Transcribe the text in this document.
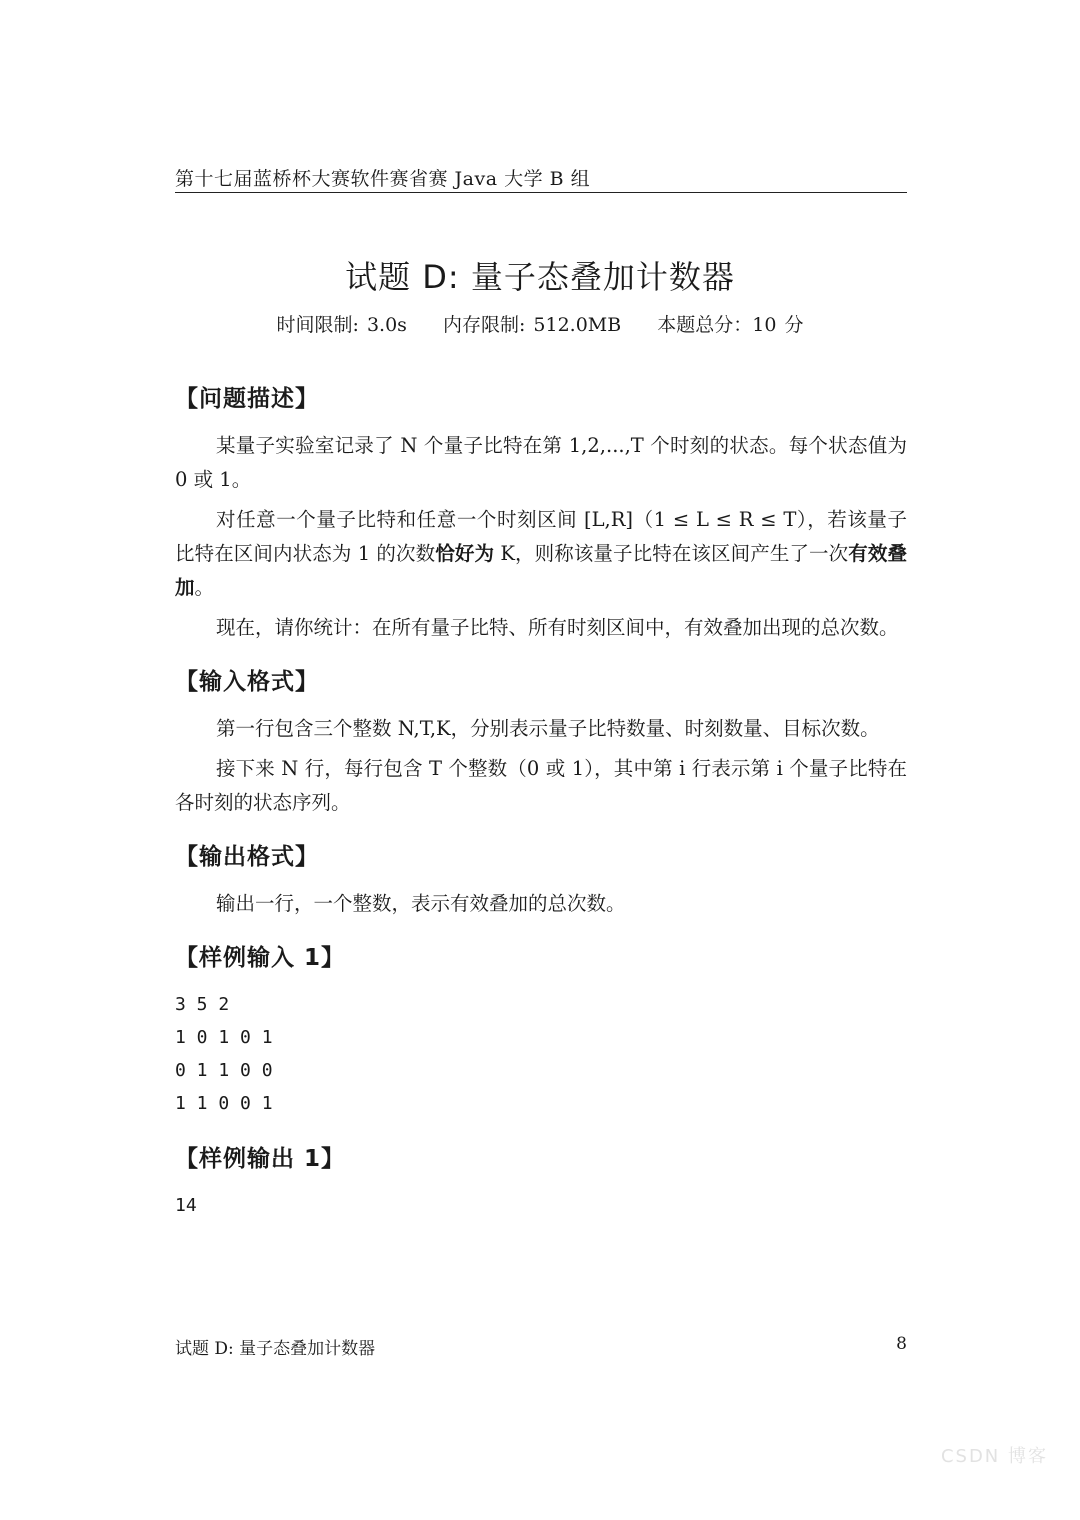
第十七届蓝桥杯大赛软件赛省赛 Java 大学 B 组
试题 D: 量子态叠加计数器
时间限制: 3.0s 内存限制: 512.0MB 本题总分：10 分
【问题描述】

某量子实验室记录了 N 个量子比特在第 1,2,...,T 个时刻的状态。每个状态值为 0 或 1。

对任意一个量子比特和任意一个时刻区间 [L,R]（1 ≤ L ≤ R ≤ T），若该量子比特在区间内状态为 1 的次数恰好为 K，则称该量子比特在该区间产生了一次有效叠加。

现在，请你统计：在所有量子比特、所有时刻区间中，有效叠加出现的总次数。

【输入格式】

第一行包含三个整数 N,T,K，分别表示量子比特数量、时刻数量、目标次数。

接下来 N 行，每行包含 T 个整数（0 或 1），其中第 i 行表示第 i 个量子比特在各时刻的状态序列。

【输出格式】

输出一行，一个整数，表示有效叠加的总次数。

【样例输入 1】
3 5 2
1 0 1 0 1
0 1 1 0 0
1 1 0 0 1
【样例输出 1】
14
试题 D: 量子态叠加计数器	8
CSDN 博客
